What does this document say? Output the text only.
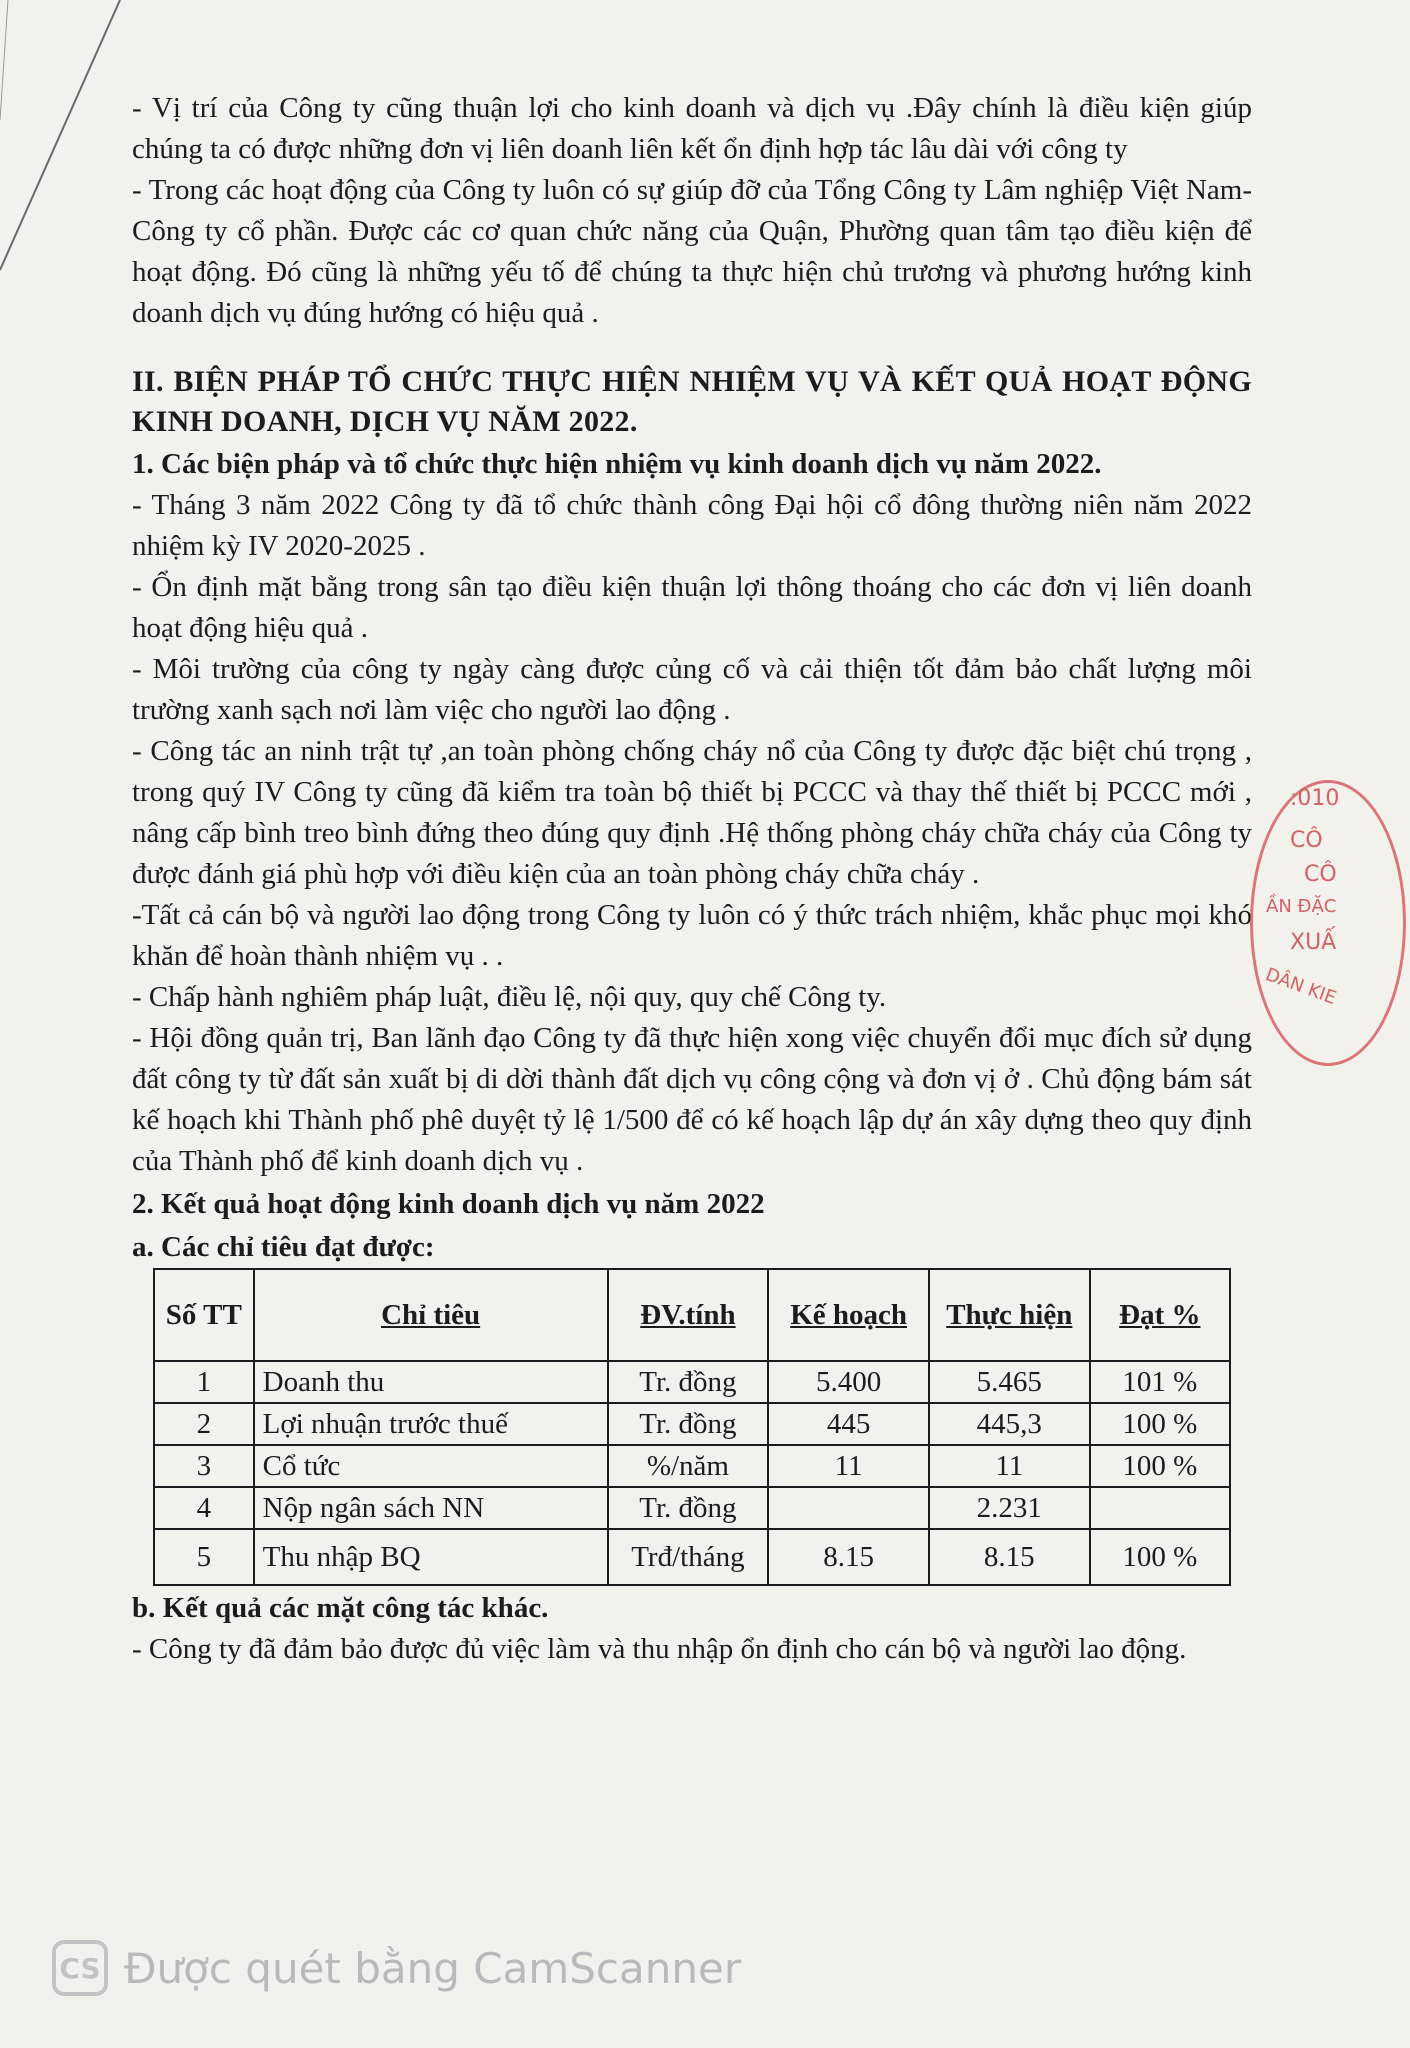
- Vị trí của Công ty cũng thuận lợi cho kinh doanh và dịch vụ .Đây chính là điều kiện giúp chúng ta có được những đơn vị liên doanh liên kết ổn định hợp tác lâu dài với công ty

- Trong các hoạt động của Công ty luôn có sự giúp đỡ của Tổng Công ty Lâm nghiệp Việt Nam- Công ty cổ phần. Được các cơ quan chức năng của Quận, Phường quan tâm tạo điều kiện để hoạt động. Đó cũng là những yếu tố để chúng ta thực hiện chủ trương và phương hướng kinh doanh dịch vụ đúng hướng có hiệu quả .

II. BIỆN PHÁP TỔ CHỨC THỰC HIỆN NHIỆM VỤ VÀ KẾT QUẢ HOẠT ĐỘNG KINH DOANH, DỊCH VỤ NĂM 2022.

1. Các biện pháp và tổ chức thực hiện nhiệm vụ kinh doanh dịch vụ năm 2022.

- Tháng 3 năm 2022 Công ty đã tổ chức thành công Đại hội cổ đông thường niên năm 2022 nhiệm kỳ IV 2020-2025 .

- Ổn định mặt bằng trong sân tạo điều kiện thuận lợi thông thoáng cho các đơn vị liên doanh hoạt động hiệu quả .

- Môi trường của công ty ngày càng được củng cố và cải thiện tốt đảm bảo chất lượng môi trường xanh sạch nơi làm việc cho người lao động .

- Công tác an ninh trật tự ,an toàn phòng chống cháy nổ của Công ty được đặc biệt chú trọng , trong quý IV Công ty cũng đã kiểm tra toàn bộ thiết bị PCCC và thay thế thiết bị PCCC mới , nâng cấp bình treo bình đứng theo đúng quy định .Hệ thống phòng cháy chữa cháy của Công ty được đánh giá phù hợp với điều kiện của an toàn phòng cháy chữa cháy .

-Tất cả cán bộ và người lao động trong Công ty luôn có ý thức trách nhiệm, khắc phục mọi khó khăn để hoàn thành nhiệm vụ . .

- Chấp hành nghiêm pháp luật, điều lệ, nội quy, quy chế Công ty.

- Hội đồng quản trị, Ban lãnh đạo Công ty đã thực hiện xong việc chuyển đổi mục đích sử dụng đất công ty từ đất sản xuất bị di dời thành đất dịch vụ công cộng và đơn vị ở . Chủ động bám sát kế hoạch khi Thành phố phê duyệt tỷ lệ 1/500 để có kế hoạch lập dự án xây dựng theo quy định của Thành phố để kinh doanh dịch vụ .

2. Kết quả hoạt động kinh doanh dịch vụ năm 2022

a. Các chỉ tiêu đạt được:

Số TT	Chỉ tiêu	ĐV.tính	Kế hoạch	Thực hiện	Đạt %
1	Doanh thu	Tr. đồng	5.400	5.465	101 %
2	Lợi nhuận trước thuế	Tr. đồng	445	445,3	100 %
3	Cổ tức	%/năm	11	11	100 %
4	Nộp ngân sách NN	Tr. đồng		2.231	
5	Thu nhập BQ	Trđ/tháng	8.15	8.15	100 %

b. Kết quả các mặt công tác khác.

- Công ty đã đảm bảo được đủ việc làm và thu nhập ổn định cho cán bộ và người lao động.

:010
CÔ
CÔ
ẦN ĐẶC
XUẤ
DÂN KIE
CS Được quét bằng CamScanner
